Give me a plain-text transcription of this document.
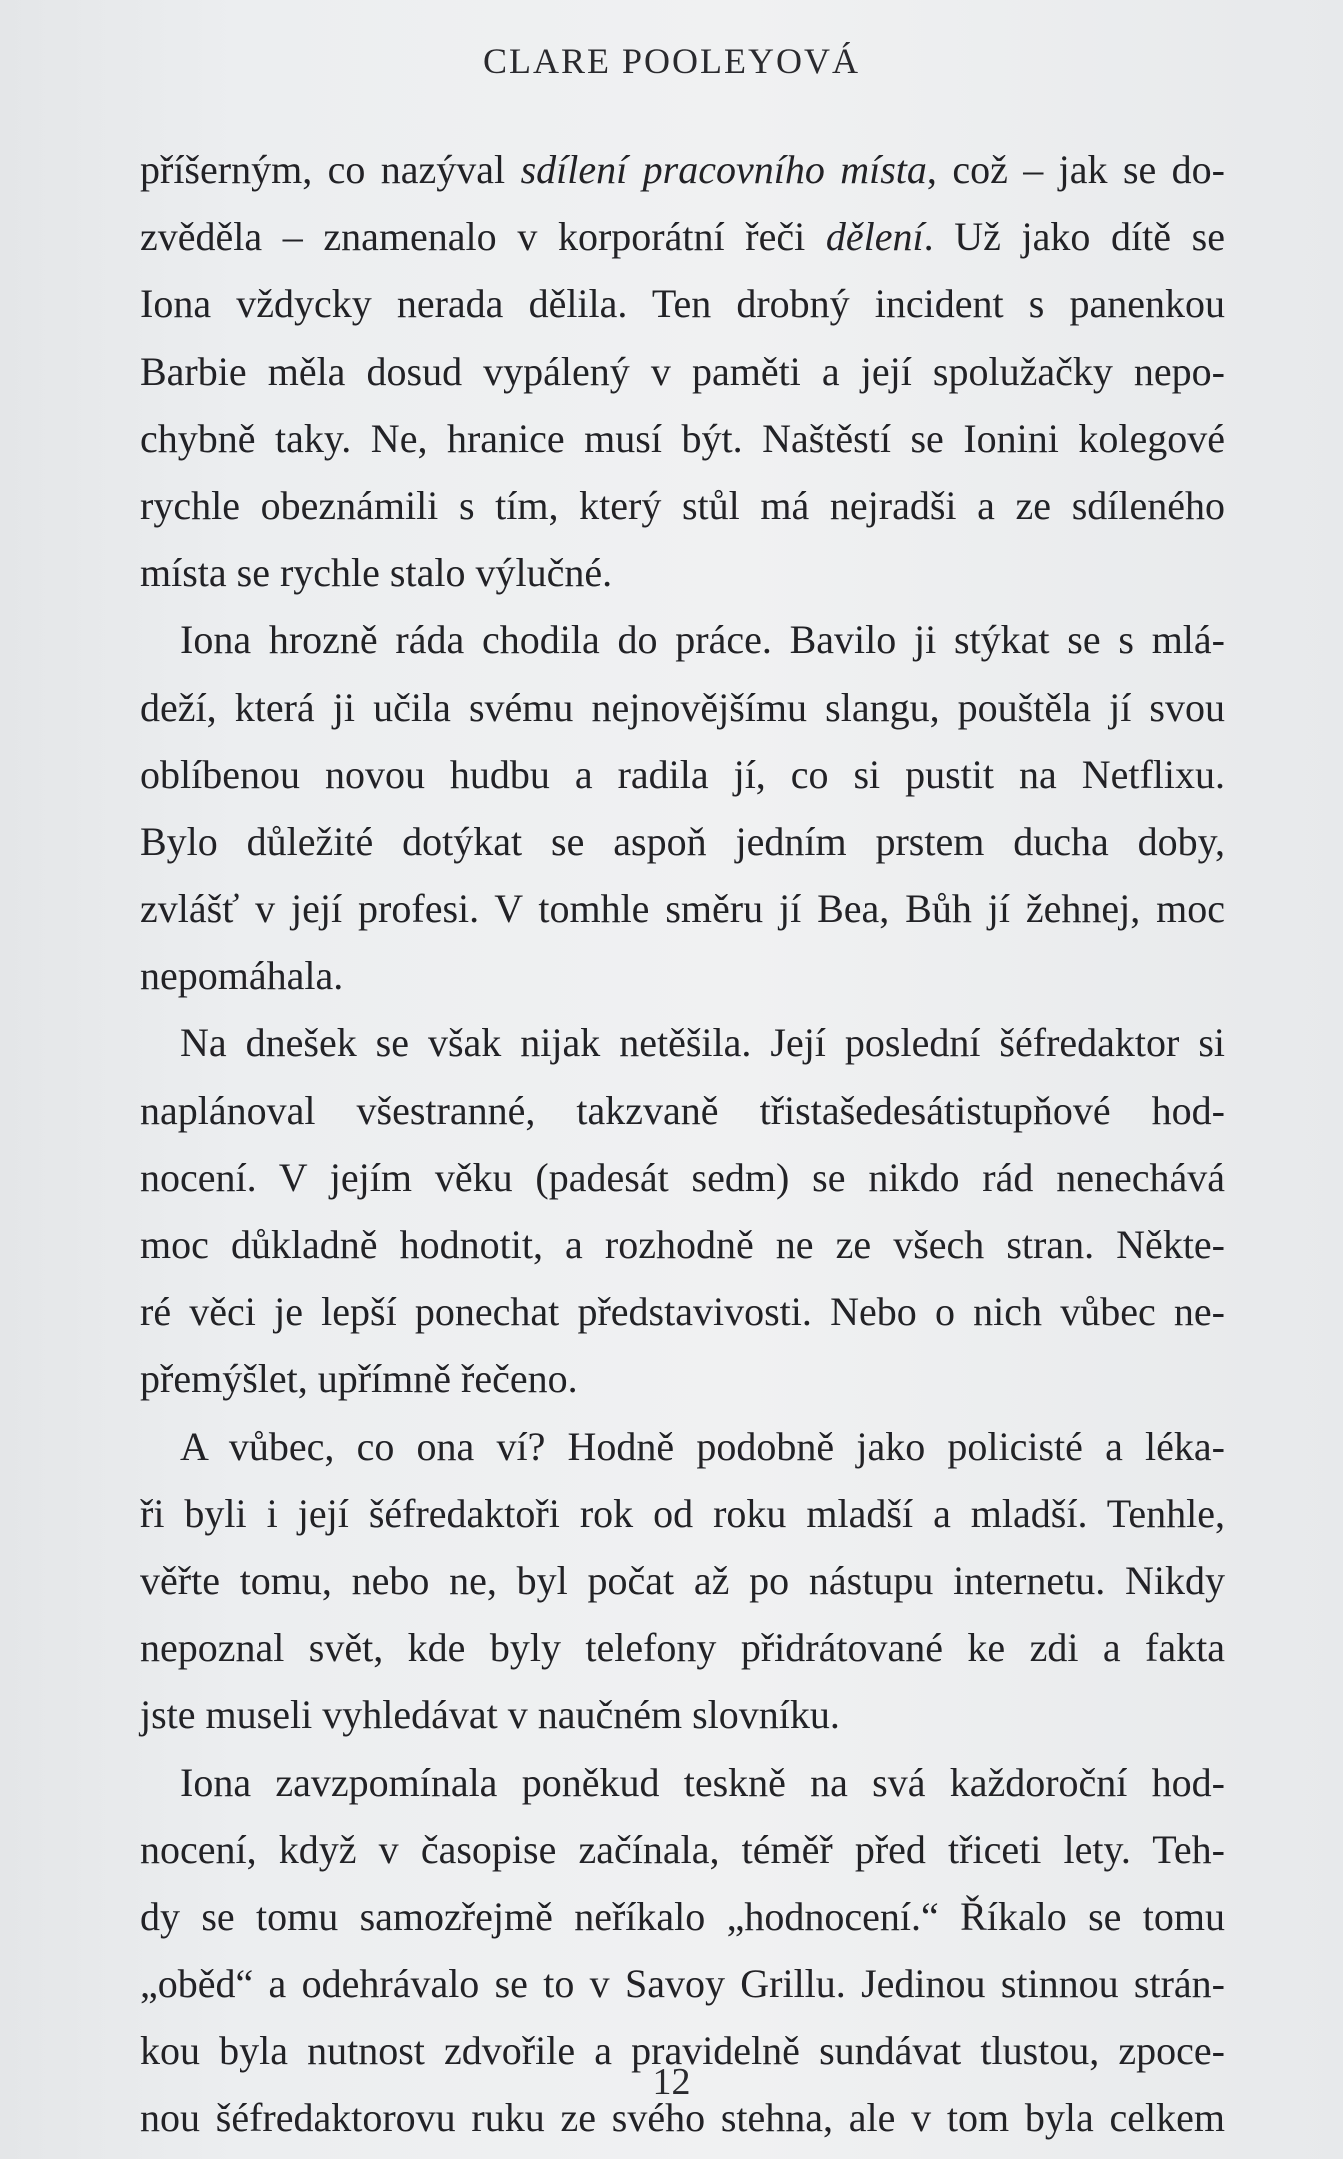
CLARE POOLEYOVÁ
příšerným, co nazýval sdílení pracovního místa, což – jak se do-
zvěděla – znamenalo v korporátní řeči dělení. Už jako dítě se
Iona vždycky nerada dělila. Ten drobný incident s panenkou
Barbie měla dosud vypálený v paměti a její spolužačky nepo-
chybně taky. Ne, hranice musí být. Naštěstí se Ionini kolegové
rychle obeznámili s tím, který stůl má nejradši a ze sdíleného
místa se rychle stalo výlučné.
Iona hrozně ráda chodila do práce. Bavilo ji stýkat se s mlá-
deží, která ji učila svému nejnovějšímu slangu, pouštěla jí svou
oblíbenou novou hudbu a radila jí, co si pustit na Netflixu.
Bylo důležité dotýkat se aspoň jedním prstem ducha doby,
zvlášť v její profesi. V tomhle směru jí Bea, Bůh jí žehnej, moc
nepomáhala.
Na dnešek se však nijak netěšila. Její poslední šéfredaktor si
naplánoval všestranné, takzvaně třistašedesátistupňové hod-
nocení. V jejím věku (padesát sedm) se nikdo rád nenechává
moc důkladně hodnotit, a rozhodně ne ze všech stran. Někte-
ré věci je lepší ponechat představivosti. Nebo o nich vůbec ne-
přemýšlet, upřímně řečeno.
A vůbec, co ona ví? Hodně podobně jako policisté a léka-
ři byli i její šéfredaktoři rok od roku mladší a mladší. Tenhle,
věřte tomu, nebo ne, byl počat až po nástupu internetu. Nikdy
nepoznal svět, kde byly telefony přidrátované ke zdi a fakta
jste museli vyhledávat v naučném slovníku.
Iona zavzpomínala poněkud teskně na svá každoroční hod-
nocení, když v časopise začínala, téměř před třiceti lety. Teh-
dy se tomu samozřejmě neříkalo „hodnocení.“ Říkalo se tomu
„oběd“ a odehrávalo se to v Savoy Grillu. Jedinou stinnou strán-
kou byla nutnost zdvořile a pravidelně sundávat tlustou, zpoce-
nou šéfredaktorovu ruku ze svého stehna, ale v tom byla celkem
12
